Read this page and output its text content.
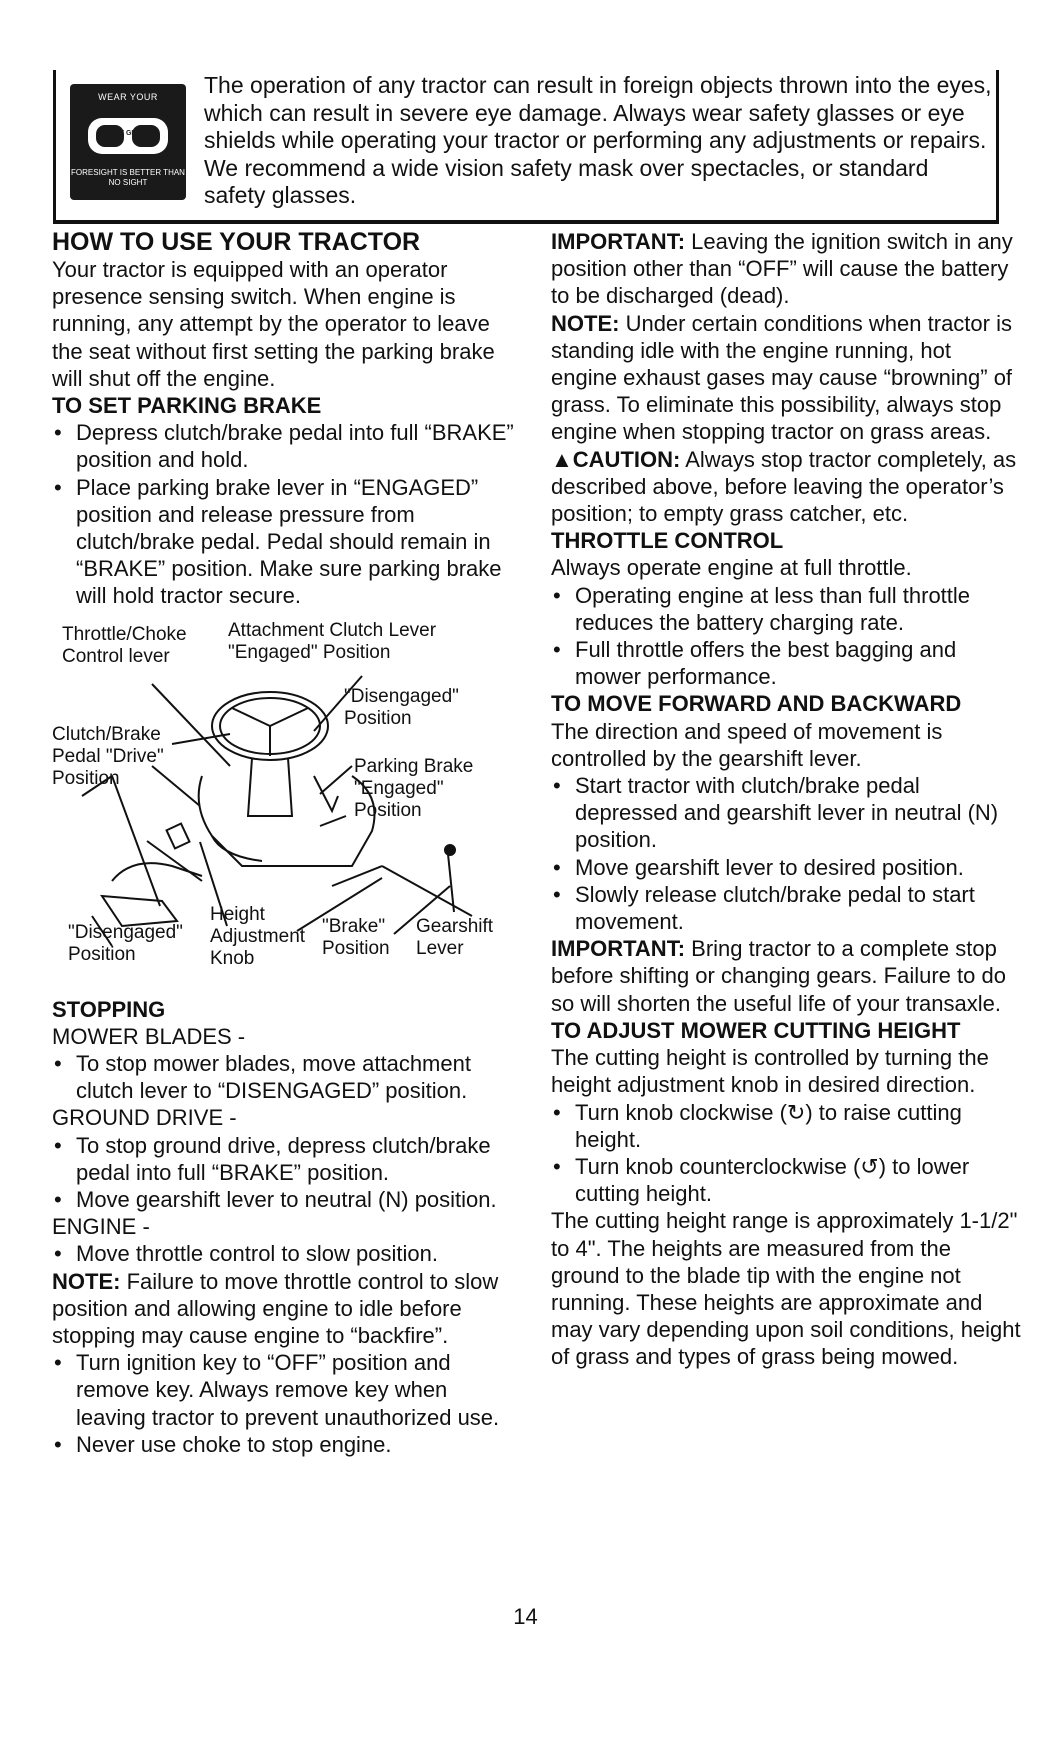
WEAR YOUR
SAFETY GLASSES
FORESIGHT IS BETTER THAN NO SIGHT
The operation of any tractor can result in foreign objects thrown into the eyes, which can result in severe eye damage. Always wear safety glasses or eye shields while operating your tractor or performing any adjustments or repairs. We recommend a wide vision safety mask over spectacles, or standard safety glasses.
HOW TO USE YOUR TRACTOR

Your tractor is equipped with an operator presence sensing switch. When engine is running, any attempt by the operator to leave the seat without first setting the parking brake will shut off the engine.

TO SET PARKING BRAKE

• Depress clutch/brake pedal into full “BRAKE” position and hold.

• Place parking brake lever in “ENGAGED” position and release pressure from clutch/brake pedal. Pedal should remain in “BRAKE” position. Make sure parking brake will hold tractor secure.

Throttle/Choke
Control lever
Attachment Clutch Lever
"Engaged" Position
"Disengaged"
Position
Clutch/Brake
Pedal "Drive"
Position
Parking Brake
"Engaged"
Position
"Disengaged"
Position
Height
Adjustment
Knob
"Brake"
Position
Gearshift
Lever
STOPPING

MOWER BLADES -

• To stop mower blades, move attachment clutch lever to “DISENGAGED” position.

GROUND DRIVE -

• To stop ground drive, depress clutch/brake pedal into full “BRAKE” position.

• Move gearshift lever to neutral (N) position.

ENGINE -

• Move throttle control to slow position.

NOTE: Failure to move throttle control to slow position and allowing engine to idle before stopping may cause engine to “backfire”.

• Turn ignition key to “OFF” position and remove key. Always remove key when leaving tractor to prevent unauthorized use.

• Never use choke to stop engine.

IMPORTANT: Leaving the ignition switch in any position other than “OFF” will cause the battery to be discharged (dead).

NOTE: Under certain conditions when tractor is standing idle with the engine running, hot engine exhaust gases may cause “browning” of grass. To eliminate this possibility, always stop engine when stopping tractor on grass areas.

▲CAUTION: Always stop tractor completely, as described above, before leaving the operator’s position; to empty grass catcher, etc.

THROTTLE CONTROL

Always operate engine at full throttle.

• Operating engine at less than full throttle reduces the battery charging rate.

• Full throttle offers the best bagging and mower performance.

TO MOVE FORWARD AND BACKWARD

The direction and speed of movement is controlled by the gearshift lever.

• Start tractor with clutch/brake pedal depressed and gearshift lever in neutral (N) position.

• Move gearshift lever to desired position.

• Slowly release clutch/brake pedal to start movement.

IMPORTANT: Bring tractor to a complete stop before shifting or changing gears. Failure to do so will shorten the useful life of your transaxle.

TO ADJUST MOWER CUTTING HEIGHT

The cutting height is controlled by turning the height adjustment knob in desired direction.

• Turn knob clockwise (↻) to raise cutting height.

• Turn knob counterclockwise (↺) to lower cutting height.

The cutting height range is approximately 1-1/2" to 4". The heights are measured from the ground to the blade tip with the engine not running. These heights are approximate and may vary depending upon soil conditions, height of grass and types of grass being mowed.

14
